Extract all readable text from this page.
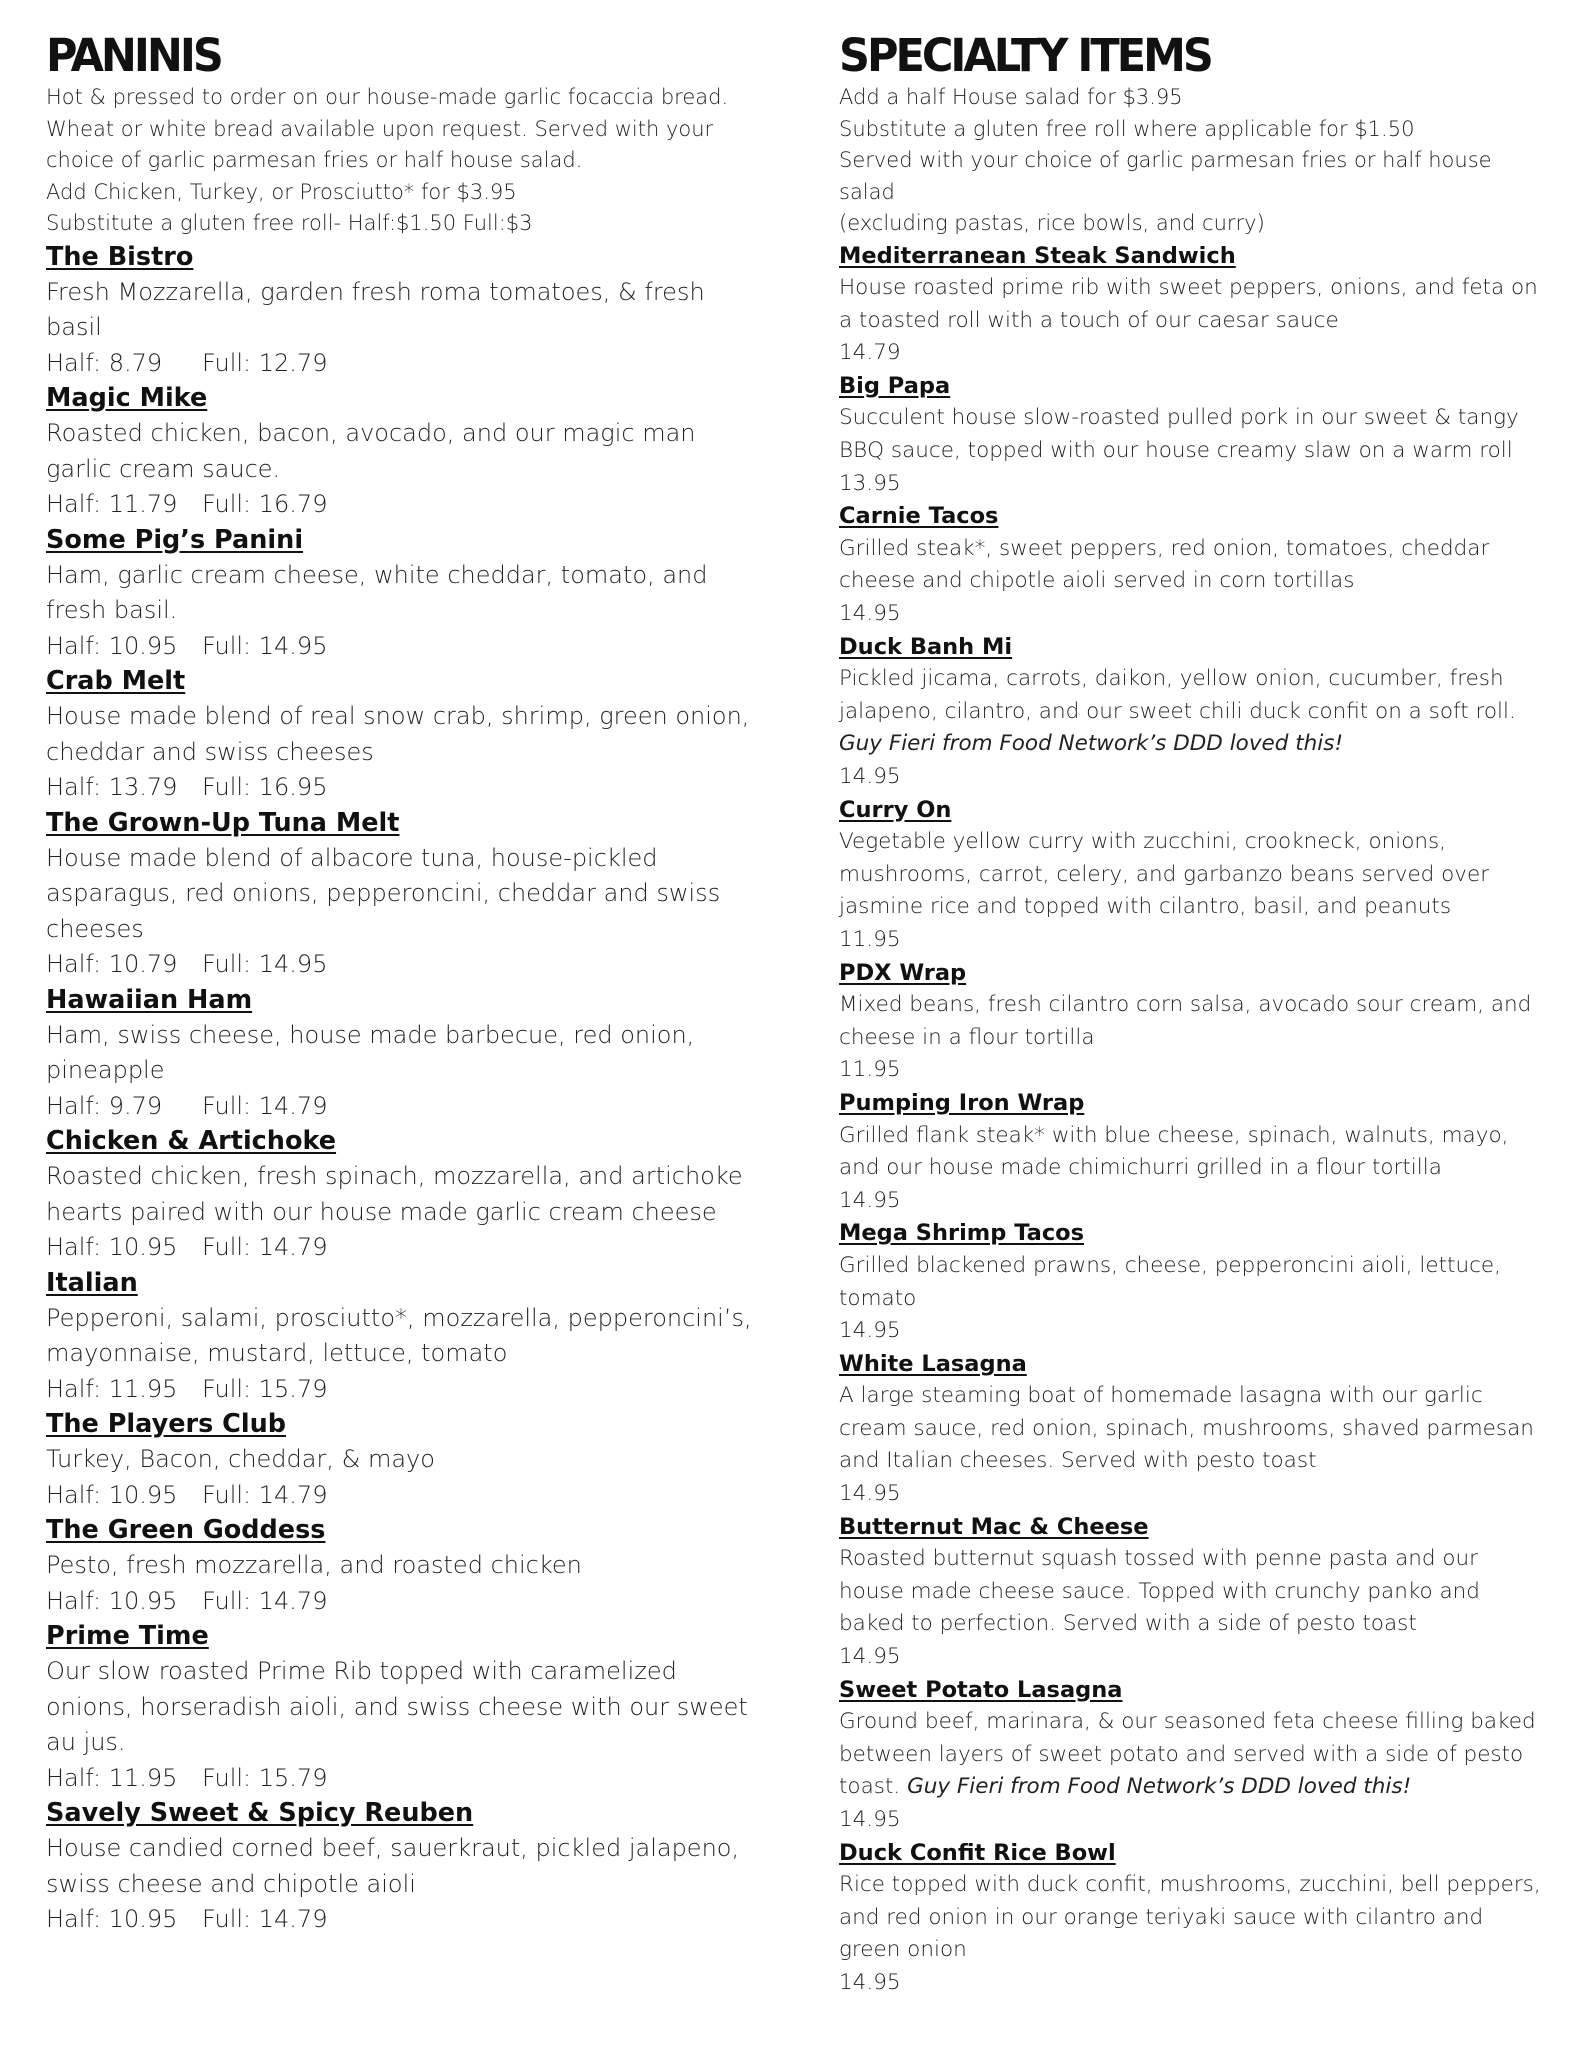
PANINIS
Hot & pressed to order on our house-made garlic focaccia bread.
Wheat or white bread available upon request. Served with your
choice of garlic parmesan fries or half house salad.
Add Chicken, Turkey, or Prosciutto* for $3.95
Substitute a gluten free roll- Half:$1.50 Full:$3
The Bistro
Fresh Mozzarella, garden fresh roma tomatoes, & fresh basil
Half: 8.79 Full: 12.79
Magic Mike
Roasted chicken, bacon, avocado, and our magic man garlic cream sauce.
Half: 11.79 Full: 16.79
Some Pig’s Panini
Ham, garlic cream cheese, white cheddar, tomato, and fresh basil.
Half: 10.95 Full: 14.95
Crab Melt
House made blend of real snow crab, shrimp, green onion, cheddar and swiss cheeses
Half: 13.79 Full: 16.95
The Grown-Up Tuna Melt
House made blend of albacore tuna, house-pickled asparagus, red onions, pepperoncini, cheddar and swiss cheeses
Half: 10.79 Full: 14.95
Hawaiian Ham
Ham, swiss cheese, house made barbecue, red onion, pineapple
Half: 9.79 Full: 14.79
Chicken & Artichoke
Roasted chicken, fresh spinach, mozzarella, and artichoke hearts paired with our house made garlic cream cheese
Half: 10.95 Full: 14.79
Italian
Pepperoni, salami, prosciutto*, mozzarella, pepperoncini’s, mayonnaise, mustard, lettuce, tomato
Half: 11.95 Full: 15.79
The Players Club
Turkey, Bacon, cheddar, & mayo
Half: 10.95 Full: 14.79
The Green Goddess
Pesto, fresh mozzarella, and roasted chicken
Half: 10.95 Full: 14.79
Prime Time
Our slow roasted Prime Rib topped with caramelized onions, horseradish aioli, and swiss cheese with our sweet au jus.
Half: 11.95 Full: 15.79
Savely Sweet & Spicy Reuben
House candied corned beef, sauerkraut, pickled jalapeno, swiss cheese and chipotle aioli
Half: 10.95 Full: 14.79
SPECIALTY ITEMS
Add a half House salad for $3.95
Substitute a gluten free roll where applicable for $1.50
Served with your choice of garlic parmesan fries or half house salad
(excluding pastas, rice bowls, and curry)
Mediterranean Steak Sandwich
House roasted prime rib with sweet peppers, onions, and feta on a toasted roll with a touch of our caesar sauce
14.79
Big Papa
Succulent house slow-roasted pulled pork in our sweet & tangy BBQ sauce, topped with our house creamy slaw on a warm roll
13.95
Carnie Tacos
Grilled steak*, sweet peppers, red onion, tomatoes, cheddar cheese and chipotle aioli served in corn tortillas
14.95
Duck Banh Mi
Pickled jicama, carrots, daikon, yellow onion, cucumber, fresh jalapeno, cilantro, and our sweet chili duck confit on a soft roll. Guy Fieri from Food Network’s DDD loved this!
14.95
Curry On
Vegetable yellow curry with zucchini, crookneck, onions, mushrooms, carrot, celery, and garbanzo beans served over jasmine rice and topped with cilantro, basil, and peanuts
11.95
PDX Wrap
Mixed beans, fresh cilantro corn salsa, avocado sour cream, and cheese in a flour tortilla
11.95
Pumping Iron Wrap
Grilled flank steak* with blue cheese, spinach, walnuts, mayo, and our house made chimichurri grilled in a flour tortilla
14.95
Mega Shrimp Tacos
Grilled blackened prawns, cheese, pepperoncini aioli, lettuce, tomato
14.95
White Lasagna
A large steaming boat of homemade lasagna with our garlic cream sauce, red onion, spinach, mushrooms, shaved parmesan and Italian cheeses. Served with pesto toast
14.95
Butternut Mac & Cheese
Roasted butternut squash tossed with penne pasta and our house made cheese sauce. Topped with crunchy panko and baked to perfection. Served with a side of pesto toast
14.95
Sweet Potato Lasagna
Ground beef, marinara, & our seasoned feta cheese filling baked between layers of sweet potato and served with a side of pesto toast. Guy Fieri from Food Network’s DDD loved this!
14.95
Duck Confit Rice Bowl
Rice topped with duck confit, mushrooms, zucchini, bell peppers, and red onion in our orange teriyaki sauce with cilantro and green onion
14.95
